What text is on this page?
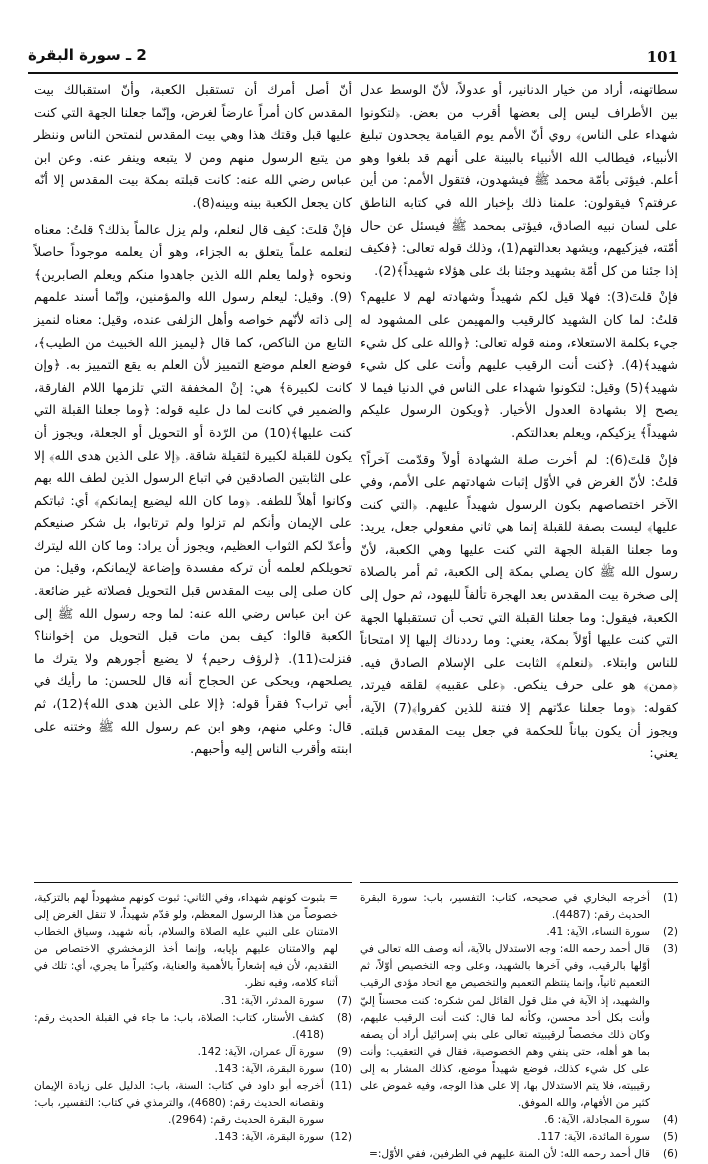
101
2 ـ سورة البقرة

سطاتهنه، أراد من خيار الدنانير، أو عدولاً، لأنّ الوسط عدل بين الأطراف ليس إلى بعضها أقرب من بعض. ﴿لتكونوا شهداء على الناس﴾ روي أنّ الأمم يوم القيامة يجحدون تبليغ الأنبياء، فيطالب الله الأنبياء بالبينة على أنهم قد بلغوا وهو أعلم. فيؤتى بأمّة محمد ﷺ فيشهدون، فتقول الأمم: من أين عرفتم؟ فيقولون: علمنا ذلك بإخبار الله في كتابه الناطق على لسان نبيه الصادق، فيؤتى بمحمد ﷺ فيسئل عن حال أمّته، فيزكيهم، ويشهد بعدالتهم(1)، وذلك قوله تعالى: ﴿فكيف إذا جئنا من كل أمّة بشهيد وجئنا بك على هؤلاء شهيداً﴾(2).

فإنْ قلتَ(3): فهلا قيل لكم شهيداً وشهادته لهم لا عليهم؟ قلتُ: لما كان الشهيد كالرقيب والمهيمن على المشهود له جيء بكلمة الاستعلاء، ومنه قوله تعالى: ﴿والله على كل شيء شهيد﴾(4). ﴿كنت أنت الرقيب عليهم وأنت على كل شيء شهيد﴾(5) وقيل: لتكونوا شهداء على الناس في الدنيا فيما لا يصح إلا بشهادة العدول الأخيار. ﴿ويكون الرسول عليكم شهيداً﴾ يزكيكم، ويعلم بعدالتكم.

فإنْ قلتَ(6): لم أخرت صلة الشهادة أولاً وقدّمت آخراً؟ قلتُ: لأنّ الغرض في الأوّل إثبات شهادتهم على الأمم، وفي الآخر اختصاصهم بكون الرسول شهيداً عليهم. ﴿التي كنت عليها﴾ ليست بصفة للقبلة إنما هي ثاني مفعولي جعل، يريد: وما جعلنا القبلة الجهة التي كنت عليها وهي الكعبة، لأنّ رسول الله ﷺ كان يصلي بمكة إلى الكعبة، ثم أمر بالصلاة إلى صخرة بيت المقدس بعد الهجرة تألفاً لليهود، ثم حول إلى الكعبة، فيقول: وما جعلنا القبلة التي تحب أن تستقبلها الجهة التي كنت عليها أوّلاً بمكة، يعني: وما رددناك إليها إلا امتحاناً للناس وابتلاء. ﴿لنعلم﴾ الثابت على الإسلام الصادق فيه. ﴿ممن﴾ هو على حرف ينكص. ﴿على عقبيه﴾ لقلقه فيرتد، كقوله: ﴿وما جعلنا عدّتهم إلا فتنة للذين كفروا﴾(7) الآية، ويجوز أن يكون بياناً للحكمة في جعل بيت المقدس قبلته. يعني:

أنّ أصل أمرك أن تستقبل الكعبة، وأنّ استقبالك بيت المقدس كان أمراً عارضاً لغرض، وإنّما جعلنا الجهة التي كنت عليها قبل وقتك هذا وهي بيت المقدس لنمتحن الناس وننظر من يتبع الرسول منهم ومن لا يتبعه وينفر عنه. وعن ابن عباس رضي الله عنه: كانت قبلته بمكة بيت المقدس إلا أنّه كان يجعل الكعبة بينه وبينه(8).

فإنْ قلتَ: كيف قال لنعلم، ولم يزل عالماً بذلك؟ قلتُ: معناه لنعلمه علماً يتعلق به الجزاء، وهو أن يعلمه موجوداً حاصلاً ونحوه ﴿ولما يعلم الله الذين جاهدوا منكم ويعلم الصابرين﴾(9). وقيل: ليعلم رسول الله والمؤمنين، وإنّما أسند علمهم إلى ذاته لأنّهم خواصه وأهل الزلفى عنده، وقيل: معناه لنميز التابع من الناكص، كما قال ﴿ليميز الله الخبيث من الطيب﴾، فوضع العلم موضع التمييز لأن العلم به يقع التمييز به. ﴿وإن كانت لكبيرة﴾ هي: إنْ المخففة التي تلزمها اللام الفارقة، والضمير في كانت لما دل عليه قوله: ﴿وما جعلنا القبلة التي كنت عليها﴾(10) من الرّدة أو التحويل أو الجعلة، ويجوز أن يكون للقبلة لكبيرة لثقيلة شاقة. ﴿إلا على الذين هدى الله﴾ إلا على الثابتين الصادقين في اتباع الرسول الذين لطف الله بهم وكانوا أهلاً للطفه. ﴿وما كان الله ليضيع إيمانكم﴾ أي: ثباتكم على الإيمان وأنكم لم تزلوا ولم ترتابوا، بل شكر صنيعكم وأعدّ لكم الثواب العظيم، ويجوز أن يراد: وما كان الله ليترك تحويلكم لعلمه أن تركه مفسدة وإضاعة لإيمانكم، وقيل: من كان صلى إلى بيت المقدس قبل التحويل فصلاته غير ضائعة. عن ابن عباس رضي الله عنه: لما وجه رسول الله ﷺ إلى الكعبة قالوا: كيف بمن مات قبل التحويل من إخواننا؟ فنزلت(11). ﴿لرؤف رحيم﴾ لا يضيع أجورهم ولا يترك ما يصلحهم، ويحكى عن الحجاج أنه قال للحسن: ما رأيك في أبي تراب؟ فقرأ قوله: ﴿إلا على الذين هدى الله﴾(12)، ثم قال: وعلي منهم، وهو ابن عم رسول الله ﷺ وختنه على ابنته وأقرب الناس إليه وأحبهم.

(1)
أخرجه البخاري في صحيحه، كتاب: التفسير، باب: سورة البقرة الحديث رقم: (4487).
(2)
سورة النساء، الآية: 41.
(3)
قال أحمد رحمه الله: وجه الاستدلال بالآية، أنه وصف الله تعالى في أوّلها بالرقيب، وفي آخرها بالشهيد، وعلى وجه التخصيص أوّلاً، ثم التعميم ثانياً، وإنما ينتظم التعميم والتخصيص مع اتحاد مؤدى الرقيب والشهيد، إذ الآية في مثل قول القائل لمن شكره: كنت محسناً إليّ وأنت بكل أحد محسن، وكأنه لما قال: كنت أنت الرقيب عليهم، وكان ذلك مخصصاً لرقيبيته تعالى على بني إسرائيل أراد أن يصفه بما هو أهله، حتى ينفي وهم الخصوصية، فقال في التعقيب: وأنت على كل شيء كذلك، فوضع شهيداً موضع، كذلك المشار به إلى رقيبيته، فلا يتم الاستدلال بها، إلا على هذا الوجه، وفيه غموض على كثير من الأفهام، والله الموفق.
(4)
سورة المجادلة، الآية: 6.
(5)
سورة المائدة، الآية: 117.
(6)
قال أحمد رحمه الله: لأن المنة عليهم في الطرفين، ففي الأوّل:=

= بثبوت كونهم شهداء، وفي الثاني: ثبوت كونهم مشهوداً لهم بالتزكية، خصوصاً من هذا الرسول المعظم، ولو قدّم شهيداً، لا تنقل الغرض إلى الامتنان على النبي عليه الصلاة والسلام، بأنه شهيد، وسياق الخطاب لهم والامتنان عليهم بإيابه، وإنما أخذ الزمخشري الاختصاص من التقديم، لأن فيه إشعاراً بالأهمية والعناية، وكثيراً ما يجري، أي: تلك في أثناء كلامه، وفيه نظر.

(7)
سورة المدثر، الآية: 31.
(8)
كشف الأستار، كتاب: الصلاة، باب: ما جاء في القبلة الحديث رقم: (418).
(9)
سورة آل عمران، الآية: 142.
(10)
سورة البقرة، الآية: 143.
(11)
أخرجه أبو داود في كتاب: السنة، باب: الدليل على زيادة الإيمان ونقصانه الحديث رقم: (4680)، والترمذي في كتاب: التفسير، باب: سورة البقرة الحديث رقم: (2964).
(12)
سورة البقرة، الآية: 143.
